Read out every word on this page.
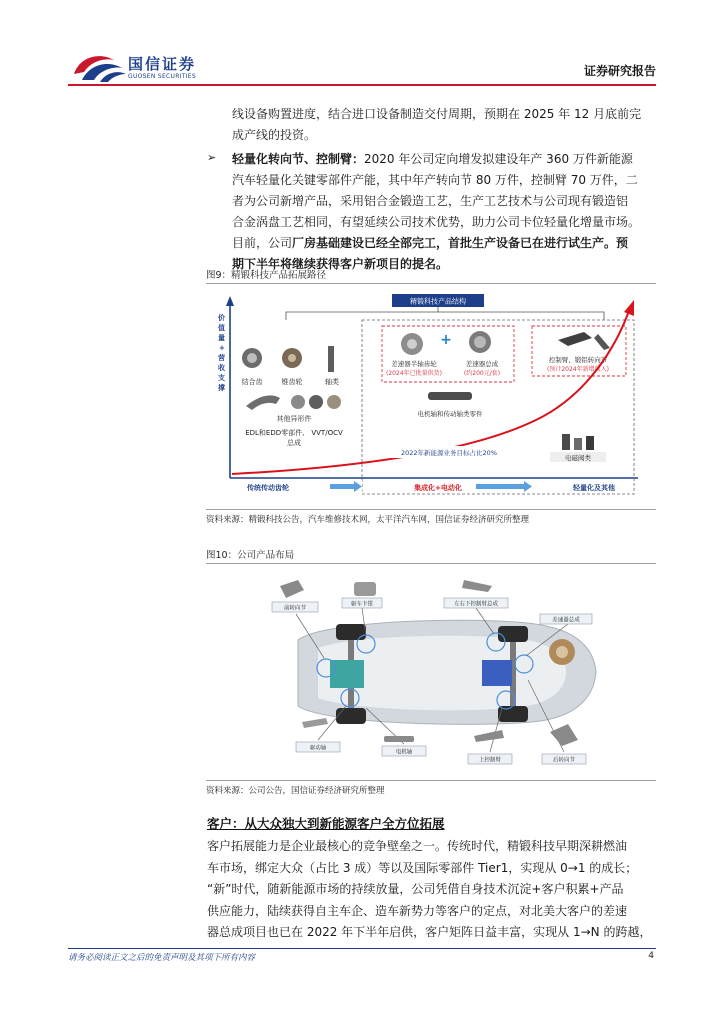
国信证券
GUOSEN SECURITIES	证券研究报告
线设备购置进度，结合进口设备制造交付周期，预期在 2025 年 12 月底前完
成产线的投资。
➢ 轻量化转向节、控制臂：2020 年公司定向增发拟建设年产 360 万件新能源
汽车轻量化关键零部件产能，其中年产转向节 80 万件，控制臂 70 万件，二
者为公司新增产品，采用铝合金锻造工艺，生产工艺技术与公司现有锻造铝
合金涡盘工艺相同，有望延续公司技术优势，助力公司卡位轻量化增量市场。
目前，公司厂房基础建设已经全部完工，首批生产设备已在进行试生产。预
期下半年将继续获得客户新项目的提名。
图9：精锻科技产品拓展路径
价
值
量
+
营
收
支
撑
精锻科技产品结构
结合齿	锥齿轮	轴类
其他异形件
EDL和EDD零部件、 VVT/OCV
总成
+
差速器半轴齿轮
(2024年已批量供货)
差速器总成
(约200元/套)
电机轴和传动轴类零件
控制臂、锻铝转向节
(预计2024年新增收入)
电磁阀类
2022年新能源业务目标占比20%
传统传动齿轮	集成化+电动化	轻量化及其他
资料来源：精锻科技公告，汽车维修技术网，太平洋汽车网，国信证券经济研究所整理
图10：公司产品布局
前转向节
驱车卡钳	左右下控制臂总成
差速器总成
驱动轴
电机轴
上控制臂	后转向节
资料来源：公司公告，国信证券经济研究所整理
客户：从大众独大到新能源客户全方位拓展
客户拓展能力是企业最核心的竞争壁垒之一。传统时代，精锻科技早期深耕燃油
车市场，绑定大众（占比 3 成）等以及国际零部件 Tier1，实现从 0→1 的成长；
“新”时代，随新能源市场的持续放量，公司凭借自身技术沉淀+客户积累+产品
供应能力，陆续获得自主车企、造车新势力等客户的定点，对北美大客户的差速
器总成项目也已在 2022 年下半年启供，客户矩阵日益丰富，实现从 1→N 的跨越，
请务必阅读正文之后的免责声明及其项下所有内容	4
